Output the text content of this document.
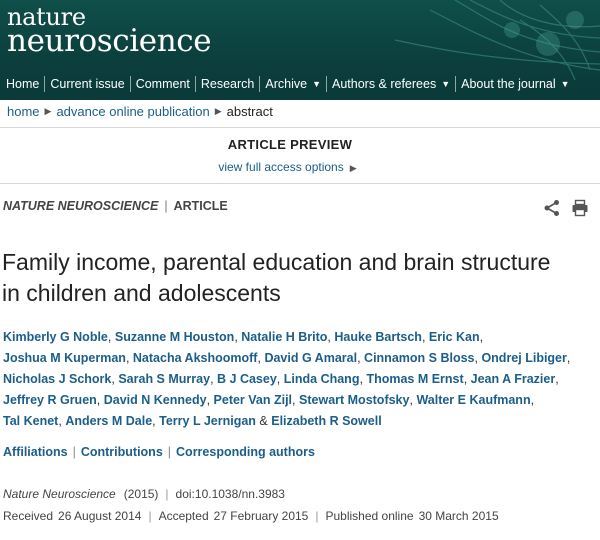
nature
neuroscience
Home Current issue Comment Research Archive ▼ Authors & referees ▼ About the journal ▼
home ▶ advance online publication ▶ abstract
ARTICLE PREVIEW
view full access options ▶
NATURE NEUROSCIENCE | ARTICLE
Family income, parental education and brain structure in children and adolescents
Kimberly G Noble, Suzanne M Houston, Natalie H Brito, Hauke Bartsch, Eric Kan, Joshua M Kuperman, Natacha Akshoomoff, David G Amaral, Cinnamon S Bloss, Ondrej Libiger, Nicholas J Schork, Sarah S Murray, B J Casey, Linda Chang, Thomas M Ernst, Jean A Frazier, Jeffrey R Gruen, David N Kennedy, Peter Van Zijl, Stewart Mostofsky, Walter E Kaufmann, Tal Kenet, Anders M Dale, Terry L Jernigan & Elizabeth R Sowell
Affiliations | Contributions | Corresponding authors
Nature Neuroscience (2015) | doi:10.1038/nn.3983
Received 26 August 2014 | Accepted 27 February 2015 | Published online 30 March 2015
